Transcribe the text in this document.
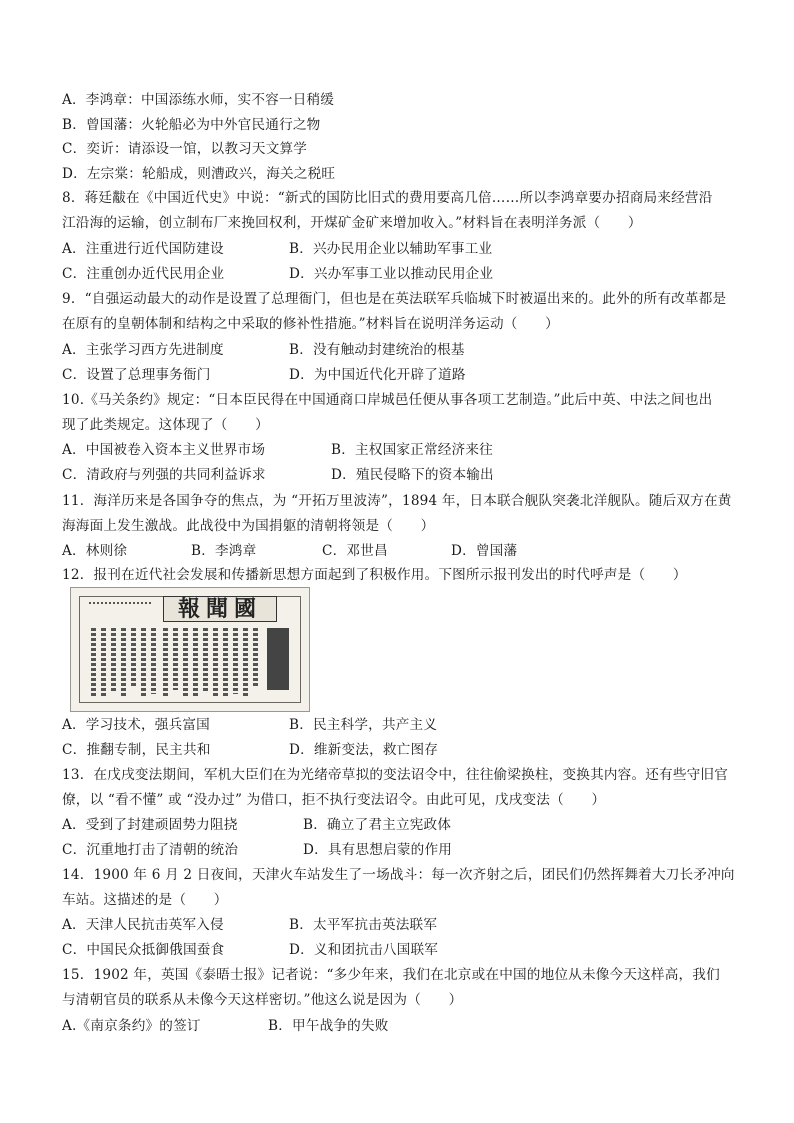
A．李鸿章：中国添练水师，实不容一日稍缓
B．曾国藩：火轮船必为中外官民通行之物
C．奕䜣：请添设一馆，以教习天文算学
D．左宗棠：轮船成，则漕政兴，海关之税旺
8．蒋廷黻在《中国近代史》中说：“新式的国防比旧式的费用要高几倍……所以李鸿章要办招商局来经营沿
江沿海的运输，创立制布厂来挽回权利，开煤矿金矿来增加收入。”材料旨在表明洋务派（　　）
A．注重进行近代国防建设	B．兴办民用企业以辅助军事工业
C．注重创办近代民用企业	D．兴办军事工业以推动民用企业
9．“自强运动最大的动作是设置了总理衙门，但也是在英法联军兵临城下时被逼出来的。此外的所有改革都是
在原有的皇朝体制和结构之中采取的修补性措施。”材料旨在说明洋务运动（　　）
A．主张学习西方先进制度	B．没有触动封建统治的根基
C．设置了总理事务衙门	D．为中国近代化开辟了道路
10.《马关条约》规定：“日本臣民得在中国通商口岸城邑任便从事各项工艺制造。”此后中英、中法之间也出
现了此类规定。这体现了（　　）
A．中国被卷入资本主义世界市场	B．主权国家正常经济来往
C．清政府与列强的共同利益诉求	D．殖民侵略下的资本输出
11．海洋历来是各国争夺的焦点，为 “开拓万里波涛”，1894 年，日本联合舰队突袭北洋舰队。随后双方在黄
海海面上发生激战。此战役中为国捐躯的清朝将领是（　　）
A．林则徐	B．李鸿章	C．邓世昌	D．曾国藩
12．报刊在近代社会发展和传播新思想方面起到了积极作用。下图所示报刊发出的时代呼声是（　　）
報聞國
A．学习技术，强兵富国	B．民主科学，共产主义
C．推翻专制，民主共和	D．维新变法，救亡图存
13．在戊戌变法期间，军机大臣们在为光绪帝草拟的变法诏令中，往往偷梁换柱，变换其内容。还有些守旧官
僚，以 “看不懂” 或 “没办过” 为借口，拒不执行变法诏令。由此可见，戊戌变法（　　）
A．受到了封建顽固势力阻挠	B．确立了君主立宪政体
C．沉重地打击了清朝的统治	D．具有思想启蒙的作用
14．1900 年 6 月 2 日夜间，天津火车站发生了一场战斗：每一次齐射之后，团民们仍然挥舞着大刀长矛冲向
车站。这描述的是（　　）
A．天津人民抗击英军入侵	B．太平军抗击英法联军
C．中国民众抵御俄国蚕食	D．义和团抗击八国联军
15．1902 年，英国《泰晤士报》记者说：“多少年来，我们在北京或在中国的地位从未像今天这样高，我们
与清朝官员的联系从未像今天这样密切。”他这么说是因为（　　）
A.《南京条约》的签订	B．甲午战争的失败
